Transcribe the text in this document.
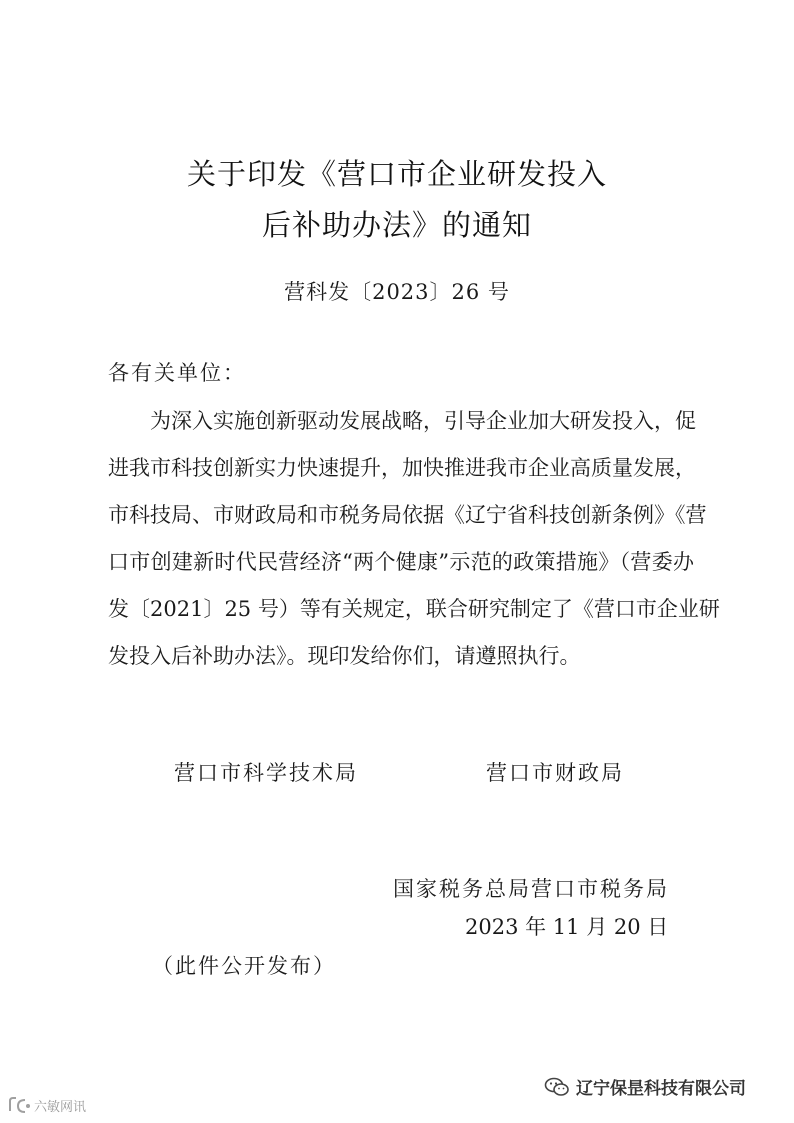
关于印发《营口市企业研发投入
后补助办法》的通知
营科发〔2023〕26 号
各有关单位：
为深入实施创新驱动发展战略，引导企业加大研发投入，促
进我市科技创新实力快速提升，加快推进我市企业高质量发展，
市科技局、市财政局和市税务局依据《辽宁省科技创新条例》《营
口市创建新时代民营经济“两个健康”示范的政策措施》（营委办
发〔2021〕25 号）等有关规定，联合研究制定了《营口市企业研
发投入后补助办法》。现印发给你们，请遵照执行。
营口市科学技术局	营口市财政局
国家税务总局营口市税务局
2023 年 11 月 20 日
（此件公开发布）
辽宁保昰科技有限公司
六敏网讯
